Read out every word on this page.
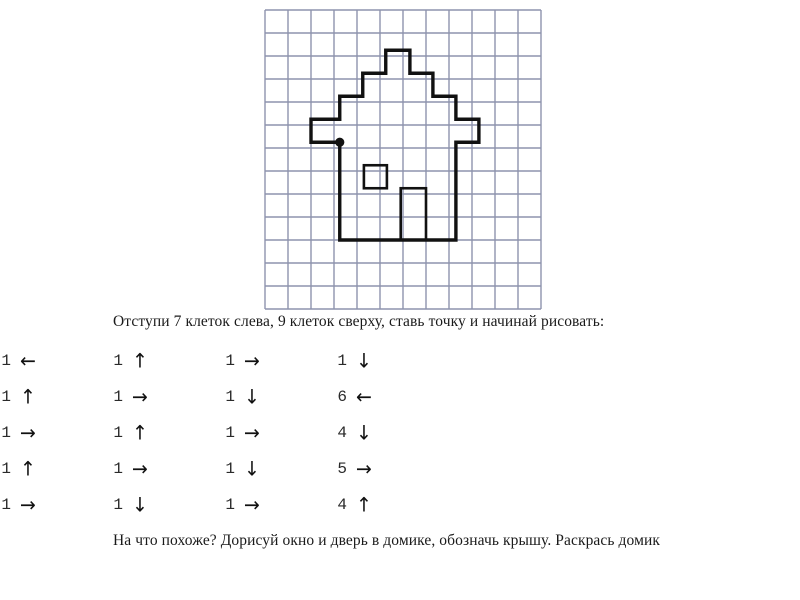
Отступи 7 клеток слева, 9 клеток сверху, ставь точку и начинай рисовать:
1 ←	1 ↑	1 →	1 ↓

1 ↑	1 →	1 ↓	6 ←

1 →	1 ↑	1 →	4 ↓

1 ↑	1 →	1 ↓	5 →

1 →	1 ↓	1 →	4 ↑
На что похоже? Дорисуй окно и дверь в домике, обозначь крышу. Раскрась домик
